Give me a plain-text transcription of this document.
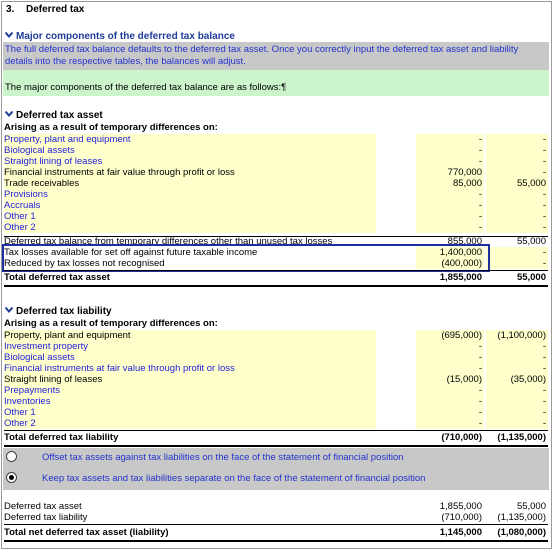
3. Deferred tax
Major components of the deferred tax balance
The full deferred tax balance defaults to the deferred tax asset. Once you correctly input the deferred tax asset and liability
details into the respective tables, the balances will adjust.
The major components of the deferred tax balance are as follows:¶
Deferred tax asset
Arising as a result of temporary differences on:
Property, plant and equipment	-	-
Biological assets	-	-
Straight lining of leases	-	-
Financial instruments at fair value through profit or loss	770,000	-
Trade receivables	85,000	55,000
Provisions	-	-
Accruals	-	-
Other 1	-	-
Other 2	-	-
Deferred tax balance from temporary differences other than unused tax losses	855,000	55,000
Tax losses available for set off against future taxable income	1,400,000	-
Reduced by tax losses not recognised	(400,000)	-
Total deferred tax asset	1,855,000	55,000
Deferred tax liability
Arising as a result of temporary differences on:
Property, plant and equipment	(695,000)	(1,100,000)
Investment property	-	-
Biological assets	-	-
Financial instruments at fair value through profit or loss	-	-
Straight lining of leases	(15,000)	(35,000)
Prepayments	-	-
Inventories	-	-
Other 1	-	-
Other 2	-	-
Total deferred tax liability	(710,000)	(1,135,000)
Offset tax assets against tax liabilities on the face of the statement of financial position
Keep tax assets and tax liabilities separate on the face of the statement of financial position
Deferred tax asset	1,855,000	55,000
Deferred tax liability	(710,000)	(1,135,000)
Total net deferred tax asset (liability)	1,145,000	(1,080,000)
